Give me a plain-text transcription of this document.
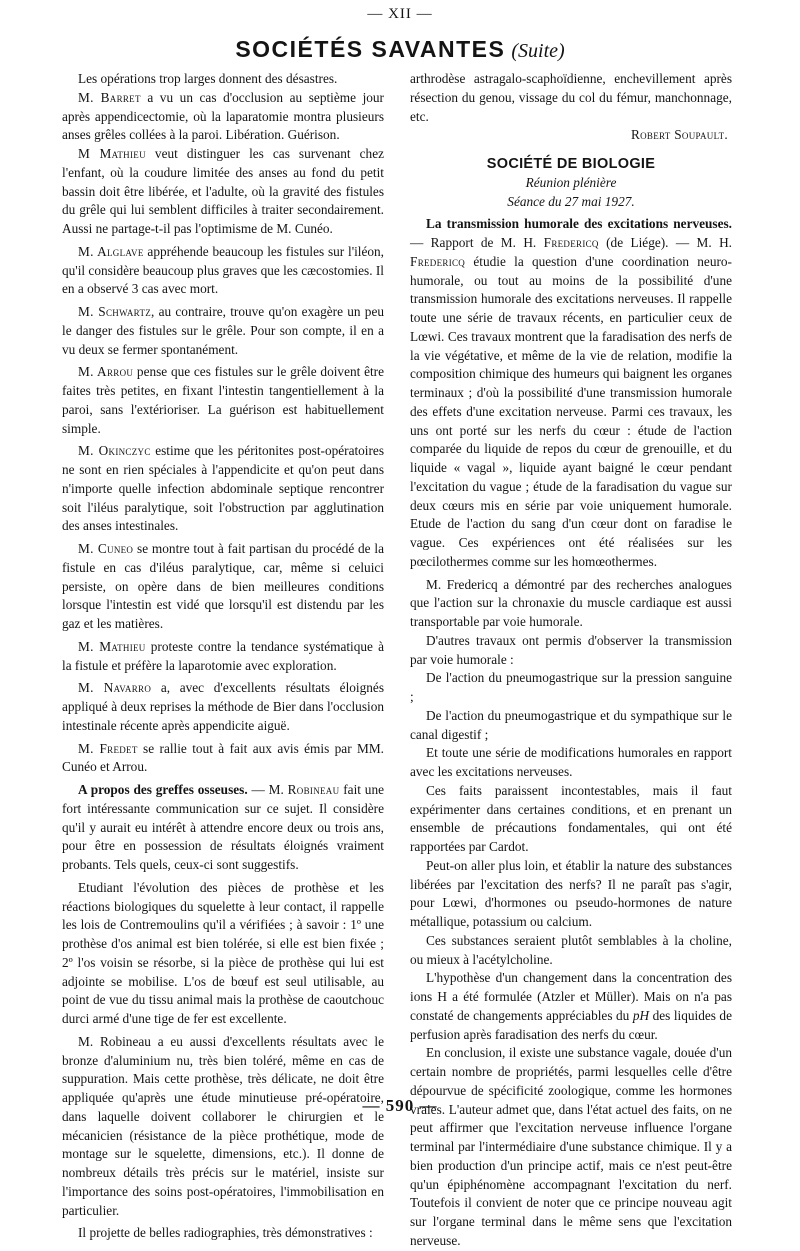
— XII —
SOCIÉTÉS SAVANTES (Suite)

Les opérations trop larges donnent des désastres.

M. Barret a vu un cas d'occlusion au septième jour après appendicectomie, où la laparatomie montra plusieurs anses grêles collées à la paroi. Libération. Guérison.

M Mathieu veut distinguer les cas survenant chez l'enfant, où la coudure limitée des anses au fond du petit bassin doit être libérée, et l'adulte, où la gravité des fistules du grêle qui lui semblent difficiles à traiter secondairement. Aussi ne partage-t-il pas l'optimisme de M. Cunéo.

M. Alglave appréhende beaucoup les fistules sur l'iléon, qu'il considère beaucoup plus graves que les cæcostomies. Il en a observé 3 cas avec mort.

M. Schwartz, au contraire, trouve qu'on exagère un peu le danger des fistules sur le grêle. Pour son compte, il en a vu deux se fermer spontanément.

M. Arrou pense que ces fistules sur le grêle doivent être faites très petites, en fixant l'intestin tangentiellement à la paroi, sans l'extérioriser. La guérison est habituellement simple.

M. Okinczyc estime que les péritonites post-opératoires ne sont en rien spéciales à l'appendicite et qu'on peut dans n'importe quelle infection abdominale septique rencontrer soit l'iléus paralytique, soit l'obstruction par agglutination des anses intestinales.

M. Cuneo se montre tout à fait partisan du procédé de la fistule en cas d'iléus paralytique, car, même si celuici persiste, on opère dans de bien meilleures conditions lorsque l'intestin est vidé que lorsqu'il est distendu par les gaz et les matières.

M. Mathieu proteste contre la tendance systématique à la fistule et préfère la laparotomie avec exploration.

M. Navarro a, avec d'excellents résultats éloignés appliqué à deux reprises la méthode de Bier dans l'occlusion intestinale récente après appendicite aiguë.

M. Fredet se rallie tout à fait aux avis émis par MM. Cunéo et Arrou.

A propos des greffes osseuses. — M. Robineau fait une fort intéressante communication sur ce sujet. Il considère qu'il y aurait eu intérêt à attendre encore deux ou trois ans, pour être en possession de résultats éloignés vraiment probants. Tels quels, ceux-ci sont suggestifs.

Etudiant l'évolution des pièces de prothèse et les réactions biologiques du squelette à leur contact, il rappelle les lois de Contremoulins qu'il a vérifiées ; à savoir : 1º une prothèse d'os animal est bien tolérée, si elle est bien fixée ; 2º l'os voisin se résorbe, si la pièce de prothèse qui lui est adjointe se mobilise. L'os de bœuf est seul utilisable, au point de vue du tissu animal mais la prothèse de caoutchouc durci armé d'une tige de fer est excellente.

M. Robineau a eu aussi d'excellents résultats avec le bronze d'aluminium nu, très bien toléré, même en cas de suppuration. Mais cette prothèse, très délicate, ne doit être appliquée qu'après une étude minutieuse pré-opératoire, dans laquelle doivent collaborer le chirurgien et le mécanicien (résistance de la pièce prothétique, mode de montage sur le squelette, dimensions, etc.). Il donne de nombreux détails très précis sur le matériel, insiste sur l'importance des soins post-opératoires, l'immobilisation en particulier.

Il projette de belles radiographies, très démonstratives :

arthrodèse astragalo-scaphoïdienne, enchevillement après résection du genou, vissage du col du fémur, manchonnage, etc.

Robert Soupault.
SOCIÉTÉ DE BIOLOGIE
Réunion plénière
Séance du 27 mai 1927.

La transmission humorale des excitations nerveuses. — Rapport de M. H. Fredericq (de Liége). — M. H. Fredericq étudie la question d'une coordination neuro-humorale, ou tout au moins de la possibilité d'une transmission humorale des excitations nerveuses. Il rappelle toute une série de travaux récents, en particulier ceux de Lœwi. Ces travaux montrent que la faradisation des nerfs de la vie végétative, et même de la vie de relation, modifie la composition chimique des humeurs qui baignent les organes terminaux ; d'où la possibilité d'une transmission humorale des effets d'une excitation nerveuse. Parmi ces travaux, les uns ont porté sur les nerfs du cœur : étude de l'action comparée du liquide de repos du cœur de grenouille, et du liquide « vagal », liquide ayant baigné le cœur pendant l'excitation du vague ; étude de la faradisation du vague sur deux cœurs mis en série par voie uniquement humorale. Etude de l'action du sang d'un cœur dont on faradise le vague. Ces expériences ont été réalisées sur les pœcilothermes comme sur les homœothermes.

M. Fredericq a démontré par des recherches analogues que l'action sur la chronaxie du muscle cardiaque est aussi transportable par voie humorale.

D'autres travaux ont permis d'observer la transmission par voie humorale :

De l'action du pneumogastrique sur la pression sanguine ;

De l'action du pneumogastrique et du sympathique sur le canal digestif ;

Et toute une série de modifications humorales en rapport avec les excitations nerveuses.

Ces faits paraissent incontestables, mais il faut expérimenter dans certaines conditions, et en prenant un ensemble de précautions fondamentales, qui ont été rapportées par Cardot.

Peut-on aller plus loin, et établir la nature des substances libérées par l'excitation des nerfs? Il ne paraît pas s'agir, pour Lœwi, d'hormones ou pseudo-hormones de nature métallique, potassium ou calcium.

Ces substances seraient plutôt semblables à la choline, ou mieux à l'acétylcholine.

L'hypothèse d'un changement dans la concentration des ions H a été formulée (Atzler et Müller). Mais on n'a pas constaté de changements appréciables du pH des liquides de perfusion après faradisation des nerfs du cœur.

En conclusion, il existe une substance vagale, douée d'un certain nombre de propriétés, parmi lesquelles celle d'être dépourvue de spécificité zoologique, comme les hormones vraies. L'auteur admet que, dans l'état actuel des faits, on ne peut affirmer que l'excitation nerveuse influence l'organe terminal par l'intermédiaire d'une substance chimique. Il y a bien production d'un principe actif, mais ce n'est peut-être qu'un épiphénomène accompagnant l'excitation du nerf. Toutefois il convient de noter que ce principe nouveau agit sur l'organe terminal dans le même sens que l'excitation nerveuse.

— 590 —
